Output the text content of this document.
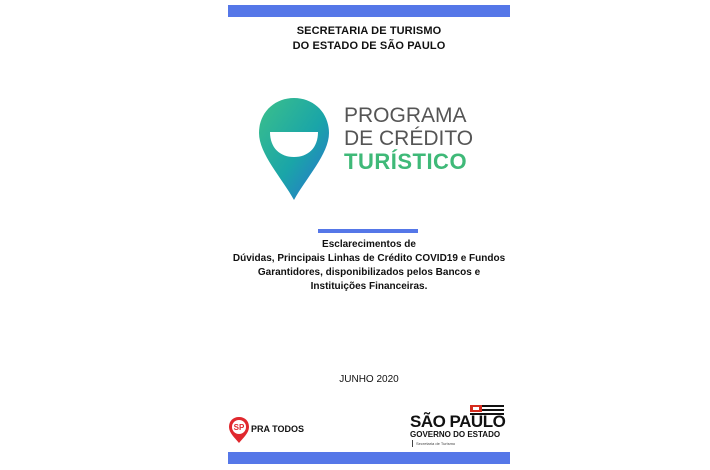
SECRETARIA DE TURISMO
DO ESTADO DE SÃO PAULO
PROGRAMA
DE CRÉDITO
TURÍSTICO
Esclarecimentos de
Dúvidas, Principais Linhas de Crédito COVID19 e Fundos
Garantidores, disponibilizados pelos Bancos e
Instituições Financeiras.
JUNHO 2020
SP PRA TODOS	SÃO PAULO
GOVERNO DO ESTADO
Secretaria de Turismo
